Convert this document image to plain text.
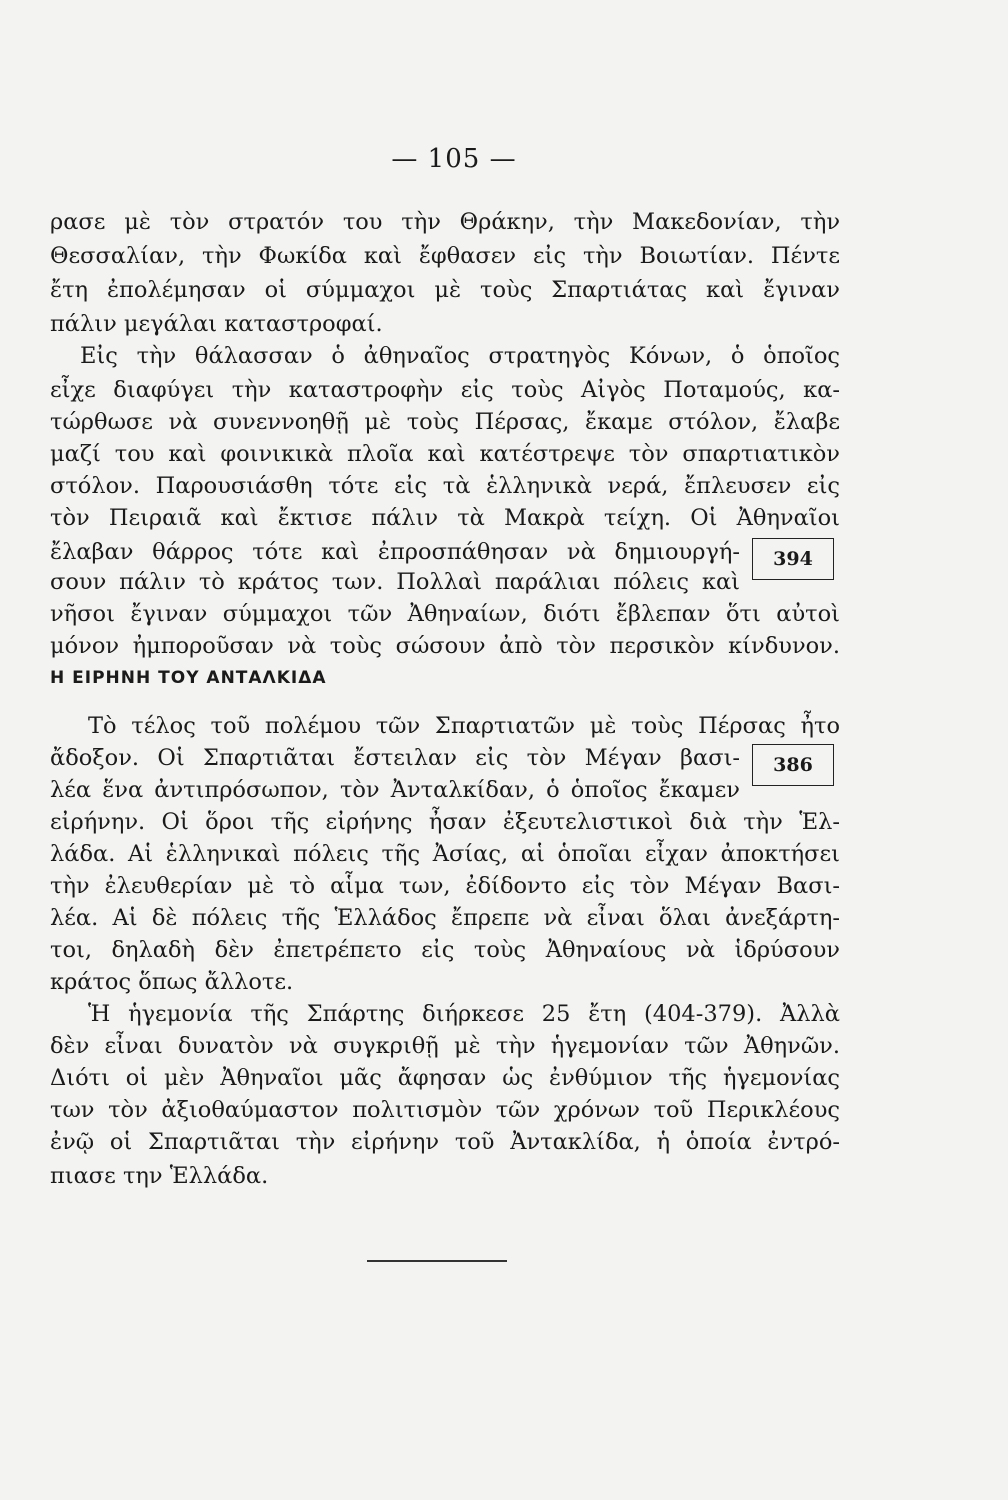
— 105 —
ρασε μὲ τὸν στρατόν του τὴν Θράκην, τὴν Μακεδονίαν, τὴν
Θεσσαλίαν, τὴν Φωκίδα καὶ ἔφθασεν εἰς τὴν Βοιωτίαν. Πέντε
ἔτη ἐπολέμησαν οἱ σύμμαχοι μὲ τοὺς Σπαρτιάτας καὶ ἔγιναν
πάλιν μεγάλαι καταστροφαί.
Εἰς τὴν θάλασσαν ὁ ἀθηναῖος στρατηγὸς Κόνων, ὁ ὁποῖος
εἶχε διαφύγει τὴν καταστροφὴν εἰς τοὺς Αἰγὸς Ποταμούς, κα-
τώρθωσε νὰ συνεννοηθῇ μὲ τοὺς Πέρσας, ἔκαμε στόλον, ἔλαβε
μαζί του καὶ φοινικικὰ πλοῖα καὶ κατέστρεψε τὸν σπαρτιατικὸν
στόλον. Παρουσιάσθη τότε εἰς τὰ ἑλληνικὰ νερά, ἔπλευσεν εἰς
τὸν Πειραιᾶ καὶ ἔκτισε πάλιν τὰ Μακρὰ τείχη. Οἱ Ἀθηναῖοι
ἔλαβαν θάρρος τότε καὶ ἐπροσπάθησαν νὰ δημιουργή-
σουν πάλιν τὸ κράτος των. Πολλαὶ παράλιαι πόλεις καὶ
νῆσοι ἔγιναν σύμμαχοι τῶν Ἀθηναίων, διότι ἔβλεπαν ὅτι αὐτοὶ
μόνον ἠμποροῦσαν νὰ τοὺς σώσουν ἀπὸ τὸν περσικὸν κίνδυνον.
394
Η ΕΙΡΗΝΗ ΤΟΥ ΑΝΤΑΛΚΙΔΑ
Τὸ τέλος τοῦ πολέμου τῶν Σπαρτιατῶν μὲ τοὺς Πέρσας ἦτο
ἄδοξον. Οἱ Σπαρτιᾶται ἔστειλαν εἰς τὸν Μέγαν βασι-
λέα ἕνα ἀντιπρόσωπον, τὸν Ἀνταλκίδαν, ὁ ὁποῖος ἔκαμεν
εἰρήνην. Οἱ ὅροι τῆς εἰρήνης ἦσαν ἐξευτελιστικοὶ διὰ τὴν Ἑλ-
λάδα. Αἱ ἑλληνικαὶ πόλεις τῆς Ἀσίας, αἱ ὁποῖαι εἶχαν ἀποκτήσει
τὴν ἐλευθερίαν μὲ τὸ αἷμα των, ἐδίδοντο εἰς τὸν Μέγαν Βασι-
λέα. Αἱ δὲ πόλεις τῆς Ἑλλάδος ἔπρεπε νὰ εἶναι ὅλαι ἀνεξάρτη-
τοι, δηλαδὴ δὲν ἐπετρέπετο εἰς τοὺς Ἀθηναίους νὰ ἱδρύσουν
κράτος ὅπως ἄλλοτε.
386
Ἡ ἡγεμονία τῆς Σπάρτης διήρκεσε 25 ἔτη (404-379). Ἀλλὰ
δὲν εἶναι δυνατὸν νὰ συγκριθῇ μὲ τὴν ἡγεμονίαν τῶν Ἀθηνῶν.
Διότι οἱ μὲν Ἀθηναῖοι μᾶς ἄφησαν ὡς ἐνθύμιον τῆς ἡγεμονίας
των τὸν ἀξιοθαύμαστον πολιτισμὸν τῶν χρόνων τοῦ Περικλέους
ἐνῷ οἱ Σπαρτιᾶται τὴν εἰρήνην τοῦ Ἀντακλίδα, ἡ ὁποία ἐντρό-
πιασε την Ἑλλάδα.
